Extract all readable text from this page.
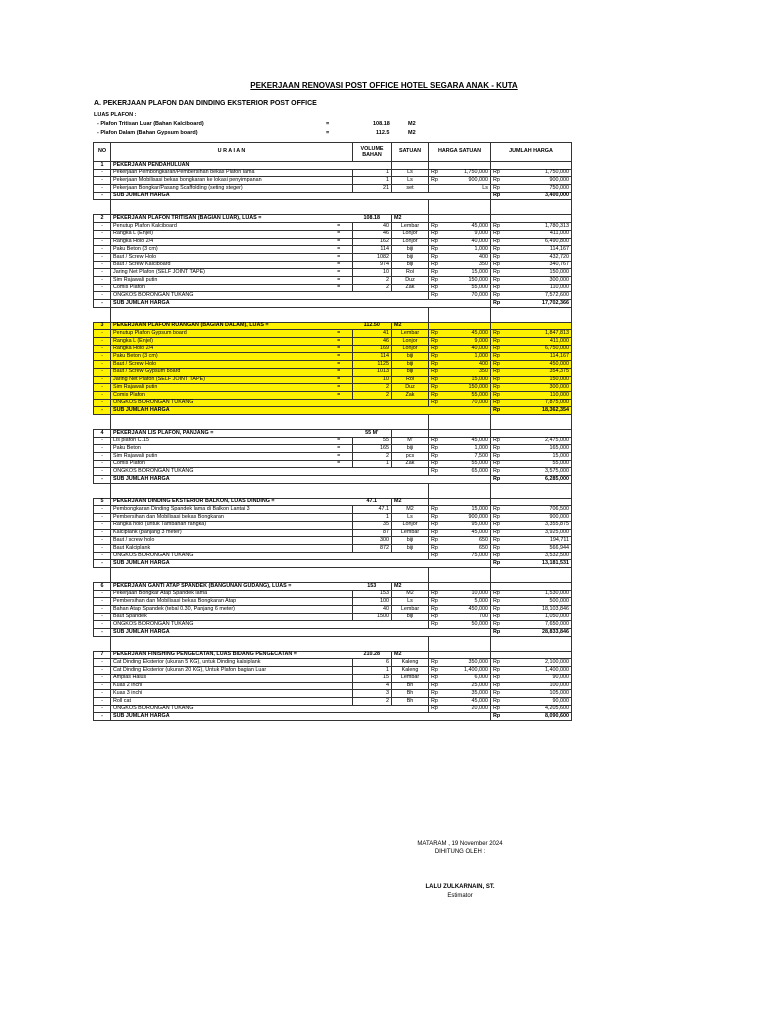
PEKERJAAN RENOVASI POST OFFICE HOTEL SEGARA ANAK - KUTA
A. PEKERJAAN PLAFON DAN DINDING EKSTERIOR POST OFFICE
LUAS PLAFON :
- Plafon Tritisan Luar (Bahan Kalciboard)	=	108.18	M2
- Plafon Dalam (Bahan Gypsum board)	=	112.5	M2
NO	U R A I A N		VOLUME BAHAN	SATUAN	HARGA SATUAN		JUMLAH HARGA	
1	PEKERJAAN PENDAHULUAN							
-	Pekerjaan Pembongkaran/Pembersihan bekas Plafon lama		1	Ls	Rp	1,750,000	Rp	1,750,000
-	Pekerjaan Mobilisasi bekas bongkaran ke lokasi penyimpanan		1	Ls	Rp	900,000	Rp	900,000
-	Pekerjaan Bongkar/Pasang Scaffolding (seting steger)		21	set		Ls	Rp	750,000
-	SUB JUMLAH HARGA						Rp	3,400,000

2	PEKERJAAN PLAFON TRITISAN (BAGIAN LUAR), LUAS =		108.18	M2				
-	Penutup Plafon Kalciboard	=	40	Lembar	Rp	45,000	Rp	1,780,313
-	Rangka L (Enjel)	=	46	Lonjor	Rp	9,000	Rp	411,000
-	Rangka Holo 2/4	=	162	Lonjor	Rp	40,000	Rp	6,490,800
-	Paku Beton (3 cm)	=	114	biji	Rp	1,000	Rp	114,167
-	Baut / Screw Holo	=	1082	biji	Rp	400	Rp	432,720
-	Baut / Screw Kalciboard	=	974	biji	Rp	350	Rp	340,767
-	Jaring Net Plafon (SELF JOINT TAPE)	=	10	Rol	Rp	15,000	Rp	150,000
-	Sim Rajawali putin	=	2	Duz	Rp	150,000	Rp	300,000
-	Comis Plafon	=	2	Zak	Rp	55,000	Rp	110,000
-	ONGKOS BORONGAN TUKANG				Rp	70,000	Rp	7,572,600
-	SUB JUMLAH HARGA						Rp	17,702,366

3	PEKERJAAN PLAFON RUANGAN (BAGIAN DALAM), LUAS =		112.50	M2				
-	Penutup Plafon Gypsum board	=	41	Lembar	Rp	45,000	Rp	1,847,813
-	Rangka L (Enjel)	=	46	Lonjor	Rp	9,000	Rp	411,000
-	Rangka Holo 2/4	=	169	Lonjor	Rp	40,000	Rp	6,750,000
-	Paku Beton (3 cm)	=	114	biji	Rp	1,000	Rp	114,167
-	Baut / Screw Holo	=	1125	biji	Rp	400	Rp	450,000
-	Baut / Screw Gypsum board	=	1013	biji	Rp	350	Rp	354,375
-	Jaring Net Plafon (SELF JOINT TAPE)	=	10	Rol	Rp	15,000	Rp	150,000
-	Sim Rajawali putin	=	2	Duz	Rp	150,000	Rp	300,000
-	Comis Plafon	=	2	Zak	Rp	55,000	Rp	110,000
-	ONGKOS BORONGAN TUKANG				Rp	70,000	Rp	7,875,000
-	SUB JUMLAH HARGA						Rp	18,362,354

4	PEKERJAAN LIS PLAFON, PANJANG =		55 M'					
-	Lis plafon C.15	=	55	M'	Rp	45,000	Rp	2,475,000
-	Paku Beton	=	165	biji	Rp	1,000	Rp	165,000
-	Sim Rajawali putin	=	2	pcs	Rp	7,500	Rp	15,000
-	Comis Plafon	=	1	Zak	Rp	55,000	Rp	55,000
-	ONGKOS BORONGAN TUKANG				Rp	65,000	Rp	3,575,000
-	SUB JUMLAH HARGA						Rp	6,285,000

5	PEKERJAAN DINDING EKSTERIOR BALKON, LUAS DINDING =		47.1	M2				
-	Pembongkaran Dinding Spandek lama di Balkon Lantai 3		47.1	M2	Rp	15,000	Rp	706,500
-	Pembersihan dan Mobilisasi bekas Bongkaran		1	Ls	Rp	900,000	Rp	900,000
-	Rangka holo (untuk Tambahan rangka)		35	Lonjor	Rp	95,000	Rp	3,355,875
-	Kalciplank (panjang 3 meter)		87	Lembar	Rp	45,000	Rp	3,925,000
-	Baut / screw holo		300	biji	Rp	650	Rp	194,711
-	Baut Kalciplank		872	biji	Rp	650	Rp	566,944
-	ONGKOS BORONGAN TUKANG				Rp	75,000	Rp	3,532,500
-	SUB JUMLAH HARGA						Rp	13,181,531

6	PEKERJAAN GANTI ATAP SPANDEK (BANGUNAN GUDANG), LUAS =		153	M2				
-	Pekerjaan Bongkar Atap Spandek lama		153	M2	Rp	10,000	Rp	1,530,000
-	Pembersihan dan Mobilisasi bekas Bongkaran Atap		100	Ls	Rp	5,000	Rp	500,000
-	Bahan Atap Spandek (tebal 0.30, Panjang 6 meter)		40	Lembar	Rp	450,000	Rp	18,103,846
-	Baut Spandek		1500	biji	Rp	700	Rp	1,050,000
-	ONGKOS BORONGAN TUKANG				Rp	50,000	Rp	7,650,000
-	SUB JUMLAH HARGA						Rp	28,833,846

7	PEKERJAAN FINISHING PENGECATAN, LUAS BIDANG PENGECATAN =		210.28	M2				
-	Cat Dinding Eksterior (ukuran 5 KG), untuk Dinding kalsiplank		6	Kaleng	Rp	350,000	Rp	2,100,000
-	Cat Dinding Eksterior (ukuran 20 KG), Untuk Plafon bagian Luar		1	Kaleng	Rp	1,400,000	Rp	1,400,000
-	Amplas Halus		15	Lembar	Rp	6,000	Rp	90,000
-	Kuas 2 inchi		4	Bh	Rp	25,000	Rp	100,000
-	Kuas 3 inchi		3	Bh	Rp	35,000	Rp	105,000
-	Roll cat		2	Bh	Rp	45,000	Rp	90,000
-	ONGKOS BORONGAN TUKANG				Rp	20,000	Rp	4,205,600
-	SUB JUMLAH HARGA						Rp	8,090,600
MATARAM , 19 November 2024
DIHITUNG OLEH :
LALU ZULKARNAIN, ST.
Estimator
